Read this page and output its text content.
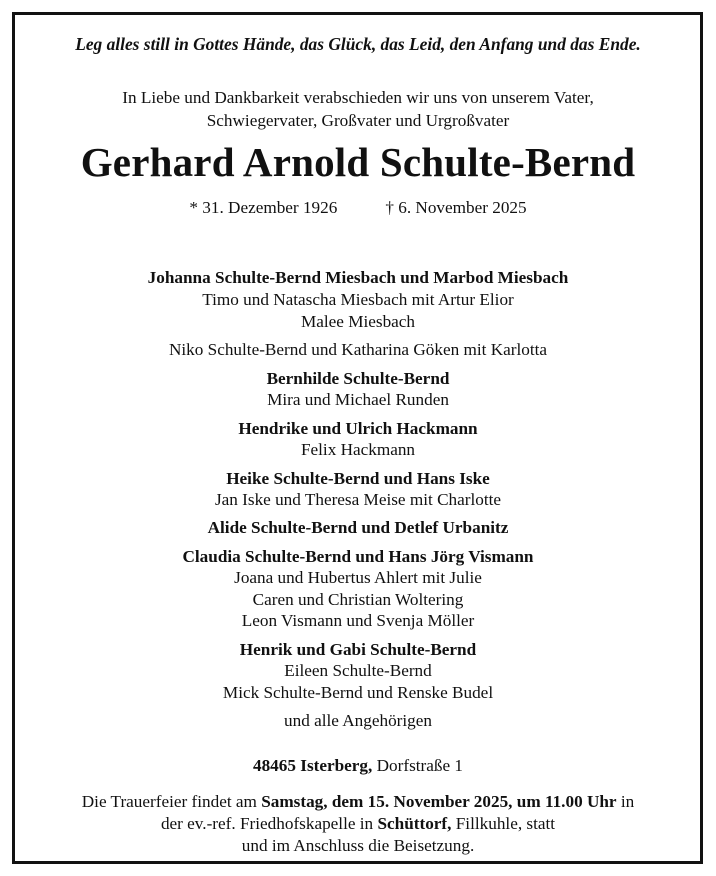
Leg alles still in Gottes Hände, das Glück, das Leid, den Anfang und das Ende.
In Liebe und Dankbarkeit verabschieden wir uns von unserem Vater,
Schwiegervater, Großvater und Urgroßvater
Gerhard Arnold Schulte-Bernd
* 31. Dezember 1926	† 6. November 2025
Johanna Schulte-Bernd Miesbach und Marbod Miesbach
Timo und Natascha Miesbach mit Artur Elior
Malee Miesbach
Niko Schulte-Bernd und Katharina Göken mit Karlotta
Bernhilde Schulte-Bernd
Mira und Michael Runden
Hendrike und Ulrich Hackmann
Felix Hackmann
Heike Schulte-Bernd und Hans Iske
Jan Iske und Theresa Meise mit Charlotte
Alide Schulte-Bernd und Detlef Urbanitz
Claudia Schulte-Bernd und Hans Jörg Vismann
Joana und Hubertus Ahlert mit Julie
Caren und Christian Woltering
Leon Vismann und Svenja Möller
Henrik und Gabi Schulte-Bernd
Eileen Schulte-Bernd
Mick Schulte-Bernd und Renske Budel
und alle Angehörigen
48465 Isterberg, Dorfstraße 1
Die Trauerfeier findet am Samstag, dem 15. November 2025, um 11.00 Uhr in
der ev.-ref. Friedhofskapelle in Schüttorf, Fillkuhle, statt
und im Anschluss die Beisetzung.
